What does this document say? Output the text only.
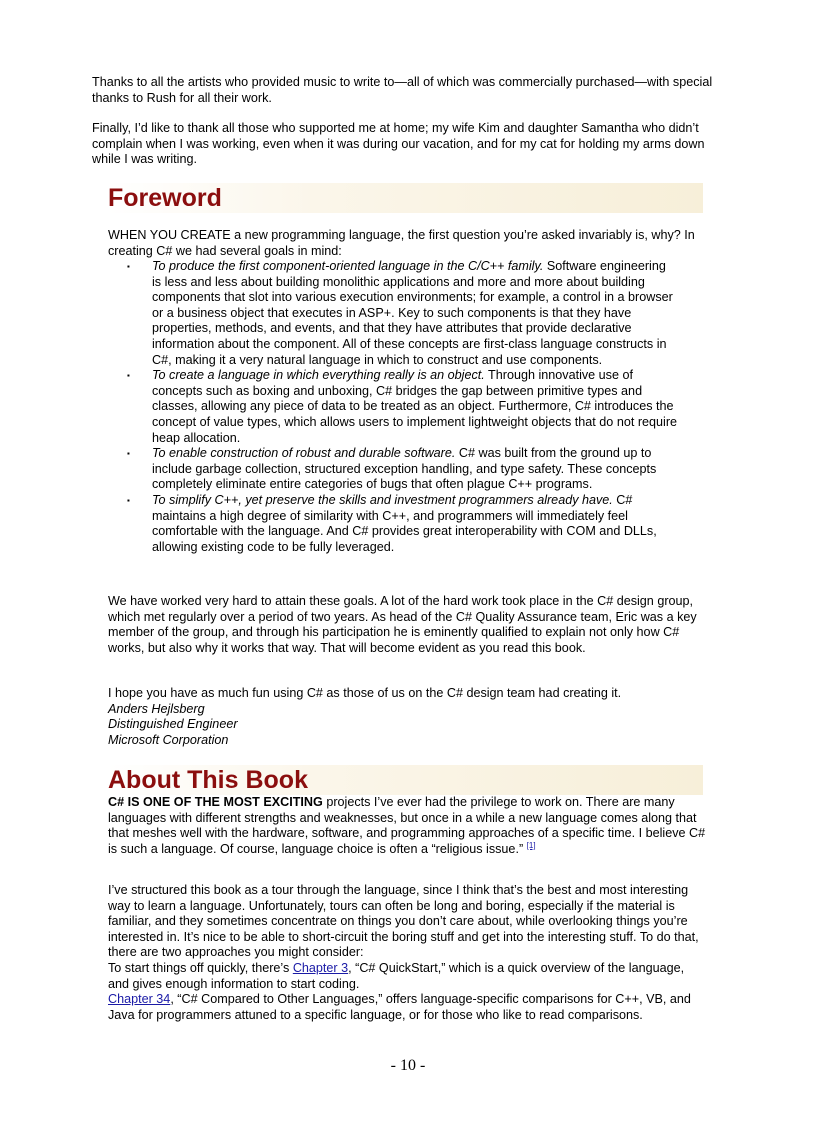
Thanks to all the artists who provided music to write to—all of which was commercially purchased—with special thanks to Rush for all their work.

Finally, I’d like to thank all those who supported me at home; my wife Kim and daughter Samantha who didn’t complain when I was working, even when it was during our vacation, and for my cat for holding my arms down while I was writing.

Foreword

WHEN YOU CREATE a new programming language, the first question you’re asked invariably is, why? In creating C# we had several goals in mind:

▪ To produce the first component-oriented language in the C/C++ family. Software engineering is less and less about building monolithic applications and more and more about building components that slot into various execution environments; for example, a control in a browser or a business object that executes in ASP+. Key to such components is that they have properties, methods, and events, and that they have attributes that provide declarative information about the component. All of these concepts are first-class language constructs in C#, making it a very natural language in which to construct and use components.
▪ To create a language in which everything really is an object. Through innovative use of concepts such as boxing and unboxing, C# bridges the gap between primitive types and classes, allowing any piece of data to be treated as an object. Furthermore, C# introduces the concept of value types, which allows users to implement lightweight objects that do not require heap allocation.
▪ To enable construction of robust and durable software. C# was built from the ground up to include garbage collection, structured exception handling, and type safety. These concepts completely eliminate entire categories of bugs that often plague C++ programs.
▪ To simplify C++, yet preserve the skills and investment programmers already have. C# maintains a high degree of similarity with C++, and programmers will immediately feel comfortable with the language. And C# provides great interoperability with COM and DLLs, allowing existing code to be fully leveraged.

We have worked very hard to attain these goals. A lot of the hard work took place in the C# design group, which met regularly over a period of two years. As head of the C# Quality Assurance team, Eric was a key member of the group, and through his participation he is eminently qualified to explain not only how C# works, but also why it works that way. That will become evident as you read this book.

I hope you have as much fun using C# as those of us on the C# design team had creating it.
Anders Hejlsberg
Distinguished Engineer
Microsoft Corporation
About This Book

C# IS ONE OF THE MOST EXCITING projects I’ve ever had the privilege to work on. There are many languages with different strengths and weaknesses, but once in a while a new language comes along that that meshes well with the hardware, software, and programming approaches of a specific time. I believe C# is such a language. Of course, language choice is often a “religious issue.” [1]

I’ve structured this book as a tour through the language, since I think that’s the best and most interesting way to learn a language. Unfortunately, tours can often be long and boring, especially if the material is familiar, and they sometimes concentrate on things you don’t care about, while overlooking things you’re interested in. It’s nice to be able to short-circuit the boring stuff and get into the interesting stuff. To do that, there are two approaches you might consider:

To start things off quickly, there’s Chapter 3, “C# QuickStart,” which is a quick overview of the language, and gives enough information to start coding.

Chapter 34, “C# Compared to Other Languages,” offers language-specific comparisons for C++, VB, and Java for programmers attuned to a specific language, or for those who like to read comparisons.

- 10 -
